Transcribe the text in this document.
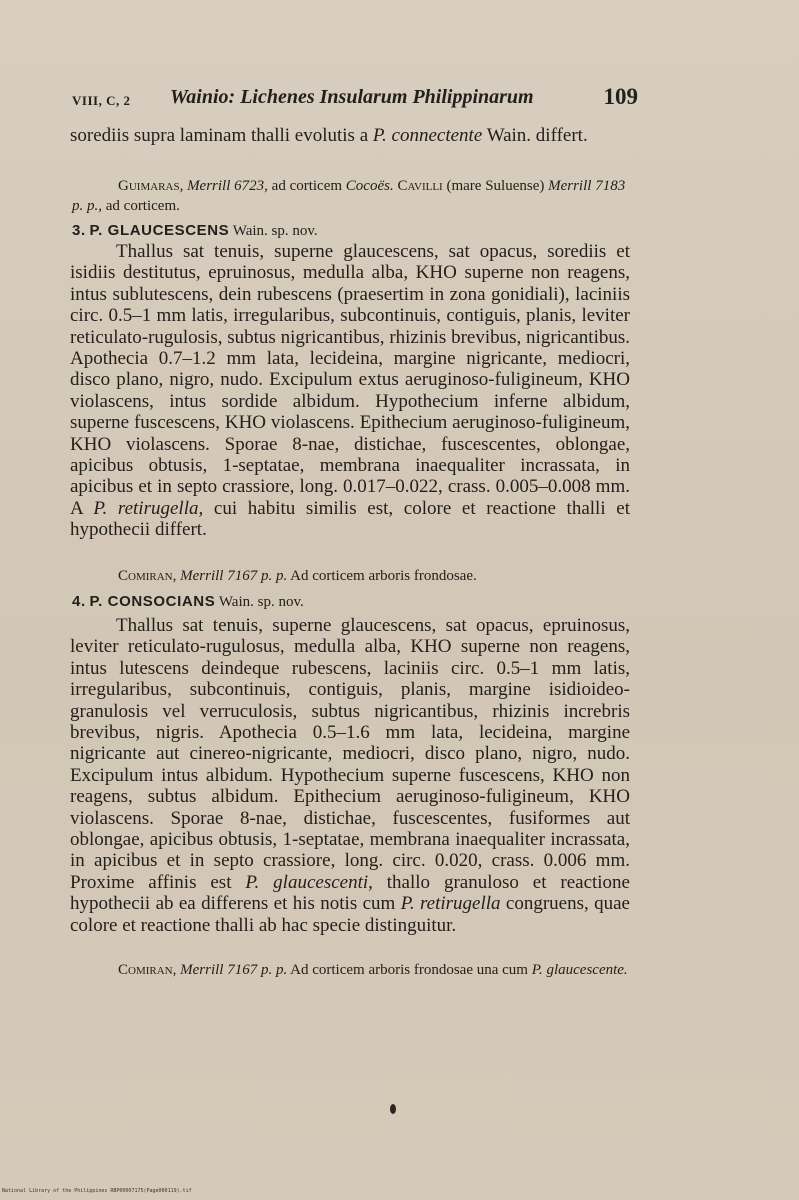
VIII, C, 2 Wainio: Lichenes Insularum Philippinarum	109

sorediis supra laminam thalli evolutis a P. connectente Wain. differt.

Guimaras, Merrill 6723, ad corticem Cocoës. Cavilli (mare Suluense) Merrill 7183 p. p., ad corticem.

3. P. GLAUCESCENS Wain. sp. nov.

Thallus sat tenuis, superne glaucescens, sat opacus, sorediis et isidiis destitutus, epruinosus, medulla alba, KHO superne non reagens, intus sublutescens, dein rubescens (praesertim in zona gonidiali), laciniis circ. 0.5–1 mm latis, irregularibus, subcontinuis, contiguis, planis, leviter reticulato-rugulosis, subtus nigricantibus, rhizinis brevibus, nigricantibus. Apothecia 0.7–1.2 mm lata, lecideina, margine nigricante, mediocri, disco plano, nigro, nudo. Excipulum extus aeruginoso-fuligineum, KHO violascens, intus sordide albidum. Hypothecium inferne albidum, superne fuscescens, KHO violascens. Epithecium aeruginoso-fuligineum, KHO violascens. Sporae 8-nae, distichae, fuscescentes, oblongae, apicibus obtusis, 1-septatae, membrana inaequaliter incrassata, in apicibus et in septo crassiore, long. 0.017–0.022, crass. 0.005–0.008 mm. A P. retirugella, cui habitu similis est, colore et reactione thalli et hypothecii differt.

Comiran, Merrill 7167 p. p. Ad corticem arboris frondosae.

4. P. CONSOCIANS Wain. sp. nov.

Thallus sat tenuis, superne glaucescens, sat opacus, epruinosus, leviter reticulato-rugulosus, medulla alba, KHO superne non reagens, intus lutescens deindeque rubescens, laciniis circ. 0.5–1 mm latis, irregularibus, subcontinuis, contiguis, planis, margine isidioideo-granulosis vel verruculosis, subtus nigricantibus, rhizinis increbris brevibus, nigris. Apothecia 0.5–1.6 mm lata, lecideina, margine nigricante aut cinereo-nigricante, mediocri, disco plano, nigro, nudo. Excipulum intus albidum. Hypothecium superne fuscescens, KHO non reagens, subtus albidum. Epithecium aeruginoso-fuligineum, KHO violascens. Sporae 8-nae, distichae, fuscescentes, fusiformes aut oblongae, apicibus obtusis, 1-septatae, membrana inaequaliter incrassata, in apicibus et in septo crassiore, long. circ. 0.020, crass. 0.006 mm. Proxime affinis est P. glaucescenti, thallo granuloso et reactione hypothecii ab ea differens et his notis cum P. retirugella congruens, quae colore et reactione thalli ab hac specie distinguitur.

Comiran, Merrill 7167 p. p. Ad corticem arboris frondosae una cum P. glaucescente.

National Library of the Philippines RBP00007175(Page000119).tif
